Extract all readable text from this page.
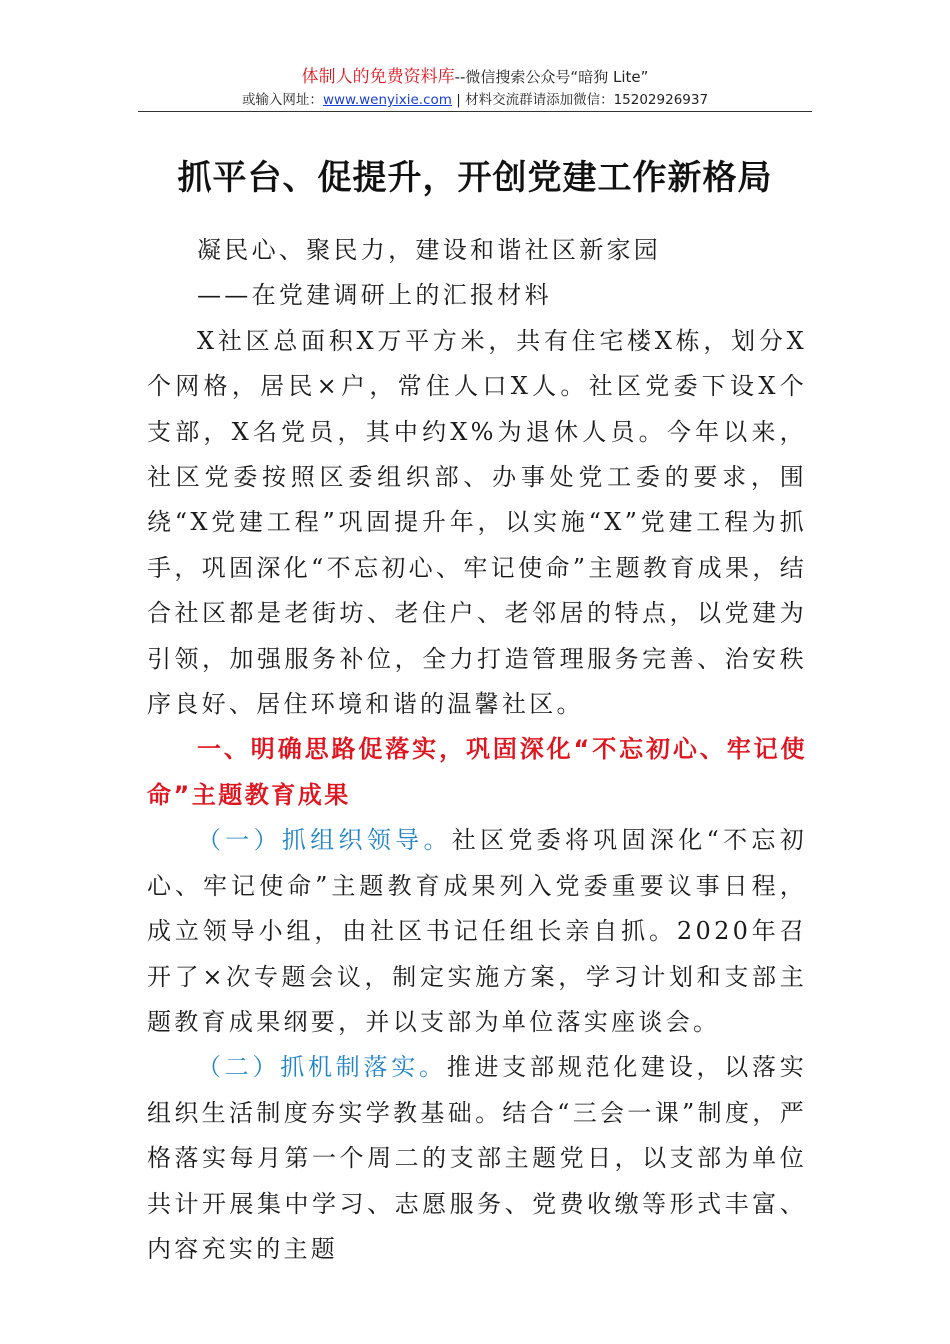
体制人的免费资料库--微信搜索公众号“暗狗 Lite”
或输入网址：www.wenyixie.com | 材料交流群请添加微信：15202926937
抓平台、促提升，开创党建工作新格局

凝民心、聚民力，建设和谐社区新家园

——在党建调研上的汇报材料

X社区总面积X万平方米，共有住宅楼X栋，划分X个网格，居民×户，常住人口X人。社区党委下设X个支部，X名党员，其中约X%为退休人员。今年以来，社区党委按照区委组织部、办事处党工委的要求，围绕“X党建工程”巩固提升年，以实施“X”党建工程为抓手，巩固深化“不忘初心、牢记使命”主题教育成果，结合社区都是老街坊、老住户、老邻居的特点，以党建为引领，加强服务补位，全力打造管理服务完善、治安秩序良好、居住环境和谐的温馨社区。

一、明确思路促落实，巩固深化“不忘初心、牢记使命”主题教育成果

（一）抓组织领导。社区党委将巩固深化“不忘初心、牢记使命”主题教育成果列入党委重要议事日程，成立领导小组，由社区书记任组长亲自抓。2020年召开了×次专题会议，制定实施方案，学习计划和支部主题教育成果纲要，并以支部为单位落实座谈会。

（二）抓机制落实。推进支部规范化建设，以落实组织生活制度夯实学教基础。结合“三会一课”制度，严格落实每月第一个周二的支部主题党日，以支部为单位共计开展集中学习、志愿服务、党费收缴等形式丰富、内容充实的主题
